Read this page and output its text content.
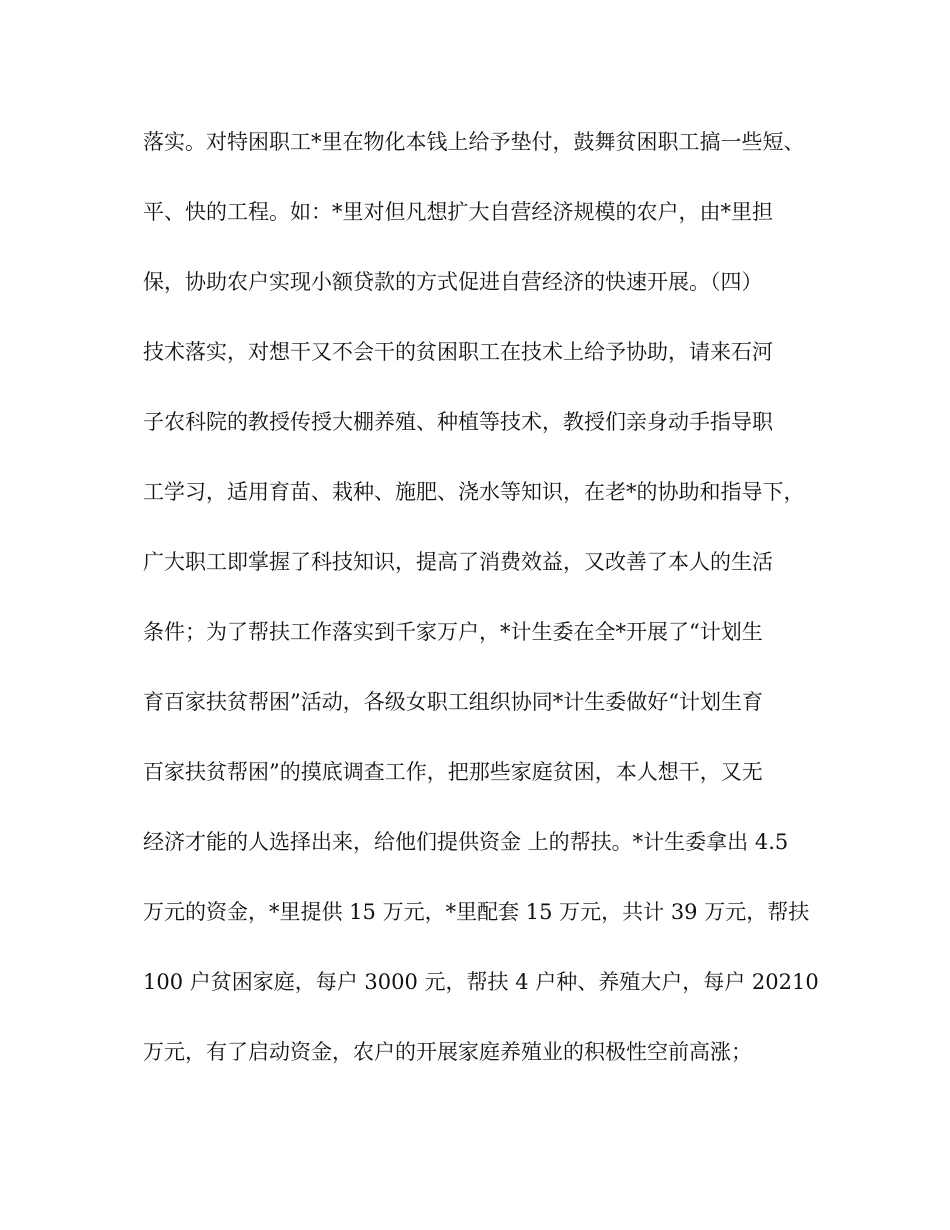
落实。对特困职工*里在物化本钱上给予垫付，鼓舞贫困职工搞一些短、
平、快的工程。如：*里对但凡想扩大自营经济规模的农户，由*里担
保，协助农户实现小额贷款的方式促进自营经济的快速开展。（四）
技术落实，对想干又不会干的贫困职工在技术上给予协助，请来石河
子农科院的教授传授大棚养殖、种植等技术，教授们亲身动手指导职
工学习，适用育苗、栽种、施肥、浇水等知识，在老*的协助和指导下，
广大职工即掌握了科技知识，提高了消费效益，又改善了本人的生活
条件；为了帮扶工作落实到千家万户，*计生委在全*开展了“计划生
育百家扶贫帮困”活动，各级女职工组织协同*计生委做好“计划生育
百家扶贫帮困”的摸底调查工作，把那些家庭贫困，本人想干，又无
经济才能的人选择出来，给他们提供资金 上的帮扶。*计生委拿出 4.5
万元的资金，*里提供 15 万元，*里配套 15 万元，共计 39 万元，帮扶
100 户贫困家庭，每户 3000 元，帮扶 4 户种、养殖大户，每户 20210
万元，有了启动资金，农户的开展家庭养殖业的积极性空前高涨；
